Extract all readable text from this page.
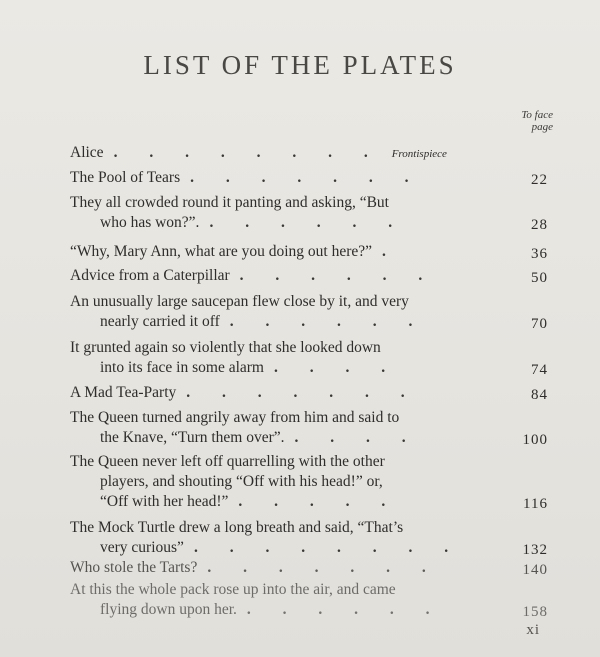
LIST OF THE PLATES
To face
page
Alice . . . . . . . . Frontispiece
The Pool of Tears . . . . . . .	22
They all crowded round it panting and asking, “But
who has won?”. . . . . . .	28
“Why, Mary Ann, what are you doing out here?” .	36
Advice from a Caterpillar . . . . . .	50
An unusually large saucepan flew close by it, and very
nearly carried it off . . . . . .	70
It grunted again so violently that she looked down
into its face in some alarm . . . .	74
A Mad Tea-Party . . . . . . .	84
The Queen turned angrily away from him and said to
the Knave, “Turn them over”. . . . .	100
The Queen never left off quarrelling with the other
players, and shouting “Off with his head!” or,
“Off with her head!” . . . . .	116
The Mock Turtle drew a long breath and said, “That’s
very curious” . . . . . . . .	132
Who stole the Tarts? . . . . . . .	140
At this the whole pack rose up into the air, and came
flying down upon her. . . . . . .	158
xi
